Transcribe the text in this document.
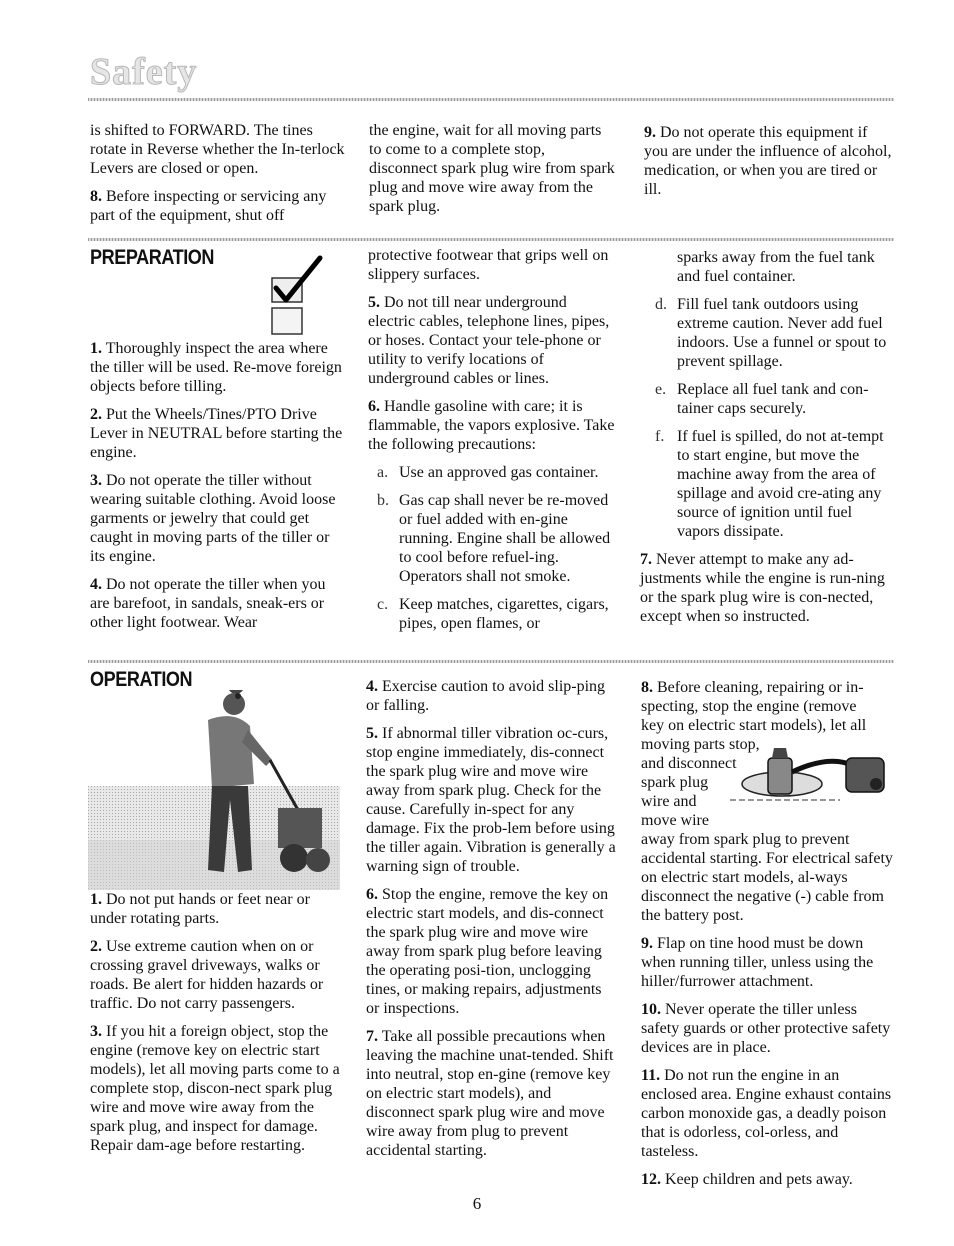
Safety

is shifted to FORWARD. The tines rotate in Reverse whether the In-terlock Levers are closed or open.

8. Before inspecting or servicing any part of the equipment, shut off

the engine, wait for all moving parts to come to a complete stop, disconnect spark plug wire from spark plug and move wire away from the spark plug.

9. Do not operate this equipment if you are under the influence of alcohol, medication, or when you are tired or ill.

PREPARATION

1. Thoroughly inspect the area where the tiller will be used. Re-move foreign objects before tilling.

2. Put the Wheels/Tines/PTO Drive Lever in NEUTRAL before starting the engine.

3. Do not operate the tiller without wearing suitable clothing. Avoid loose garments or jewelry that could get caught in moving parts of the tiller or its engine.

4. Do not operate the tiller when you are barefoot, in sandals, sneak-ers or other light footwear. Wear

protective footwear that grips well on slippery surfaces.

5. Do not till near underground electric cables, telephone lines, pipes, or hoses. Contact your tele-phone or utility to verify locations of underground cables or lines.

6. Handle gasoline with care; it is flammable, the vapors explosive. Take the following precautions:

a. Use an approved gas container.

b. Gas cap shall never be re-moved or fuel added with en-gine running. Engine shall be allowed to cool before refuel-ing. Operators shall not smoke.

c. Keep matches, cigarettes, cigars, pipes, open flames, or

sparks away from the fuel tank and fuel container.

d. Fill fuel tank outdoors using extreme caution. Never add fuel indoors. Use a funnel or spout to prevent spillage.

e. Replace all fuel tank and con-tainer caps securely.

f. If fuel is spilled, do not at-tempt to start engine, but move the machine away from the area of spillage and avoid cre-ating any source of ignition until fuel vapors dissipate.

7. Never attempt to make any ad-justments while the engine is run-ning or the spark plug wire is con-nected, except when so instructed.

OPERATION

1. Do not put hands or feet near or under rotating parts.

2. Use extreme caution when on or crossing gravel driveways, walks or roads. Be alert for hidden hazards or traffic. Do not carry passengers.

3. If you hit a foreign object, stop the engine (remove key on electric start models), let all moving parts come to a complete stop, discon-nect spark plug wire and move wire away from the spark plug, and inspect for damage. Repair dam-age before restarting.

4. Exercise caution to avoid slip-ping or falling.

5. If abnormal tiller vibration oc-curs, stop engine immediately, dis-connect the spark plug wire and move wire away from spark plug. Check for the cause. Carefully in-spect for any damage. Fix the prob-lem before using the tiller again. Vibration is generally a warning sign of trouble.

6. Stop the engine, remove the key on electric start models, and dis-connect the spark plug wire and move wire away from spark plug before leaving the operating posi-tion, unclogging tines, or making repairs, adjustments or inspections.

7. Take all possible precautions when leaving the machine unat-tended. Shift into neutral, stop en-gine (remove key on electric start models), and disconnect spark plug wire and move wire away from plug to prevent accidental starting.

8. Before cleaning, repairing or in-
specting, stop the engine (remove
key on electric start models), let all
moving parts stop,
and disconnect
spark plug
wire and
move wire
away from spark plug to prevent accidental starting. For electrical safety on electric start models, al-ways disconnect the negative (-) cable from the battery post.

9. Flap on tine hood must be down when running tiller, unless using the hiller/furrower attachment.

10. Never operate the tiller unless safety guards or other protective safety devices are in place.

11. Do not run the engine in an enclosed area. Engine exhaust contains carbon monoxide gas, a deadly poison that is odorless, col-orless, and tasteless.

12. Keep children and pets away.

6
